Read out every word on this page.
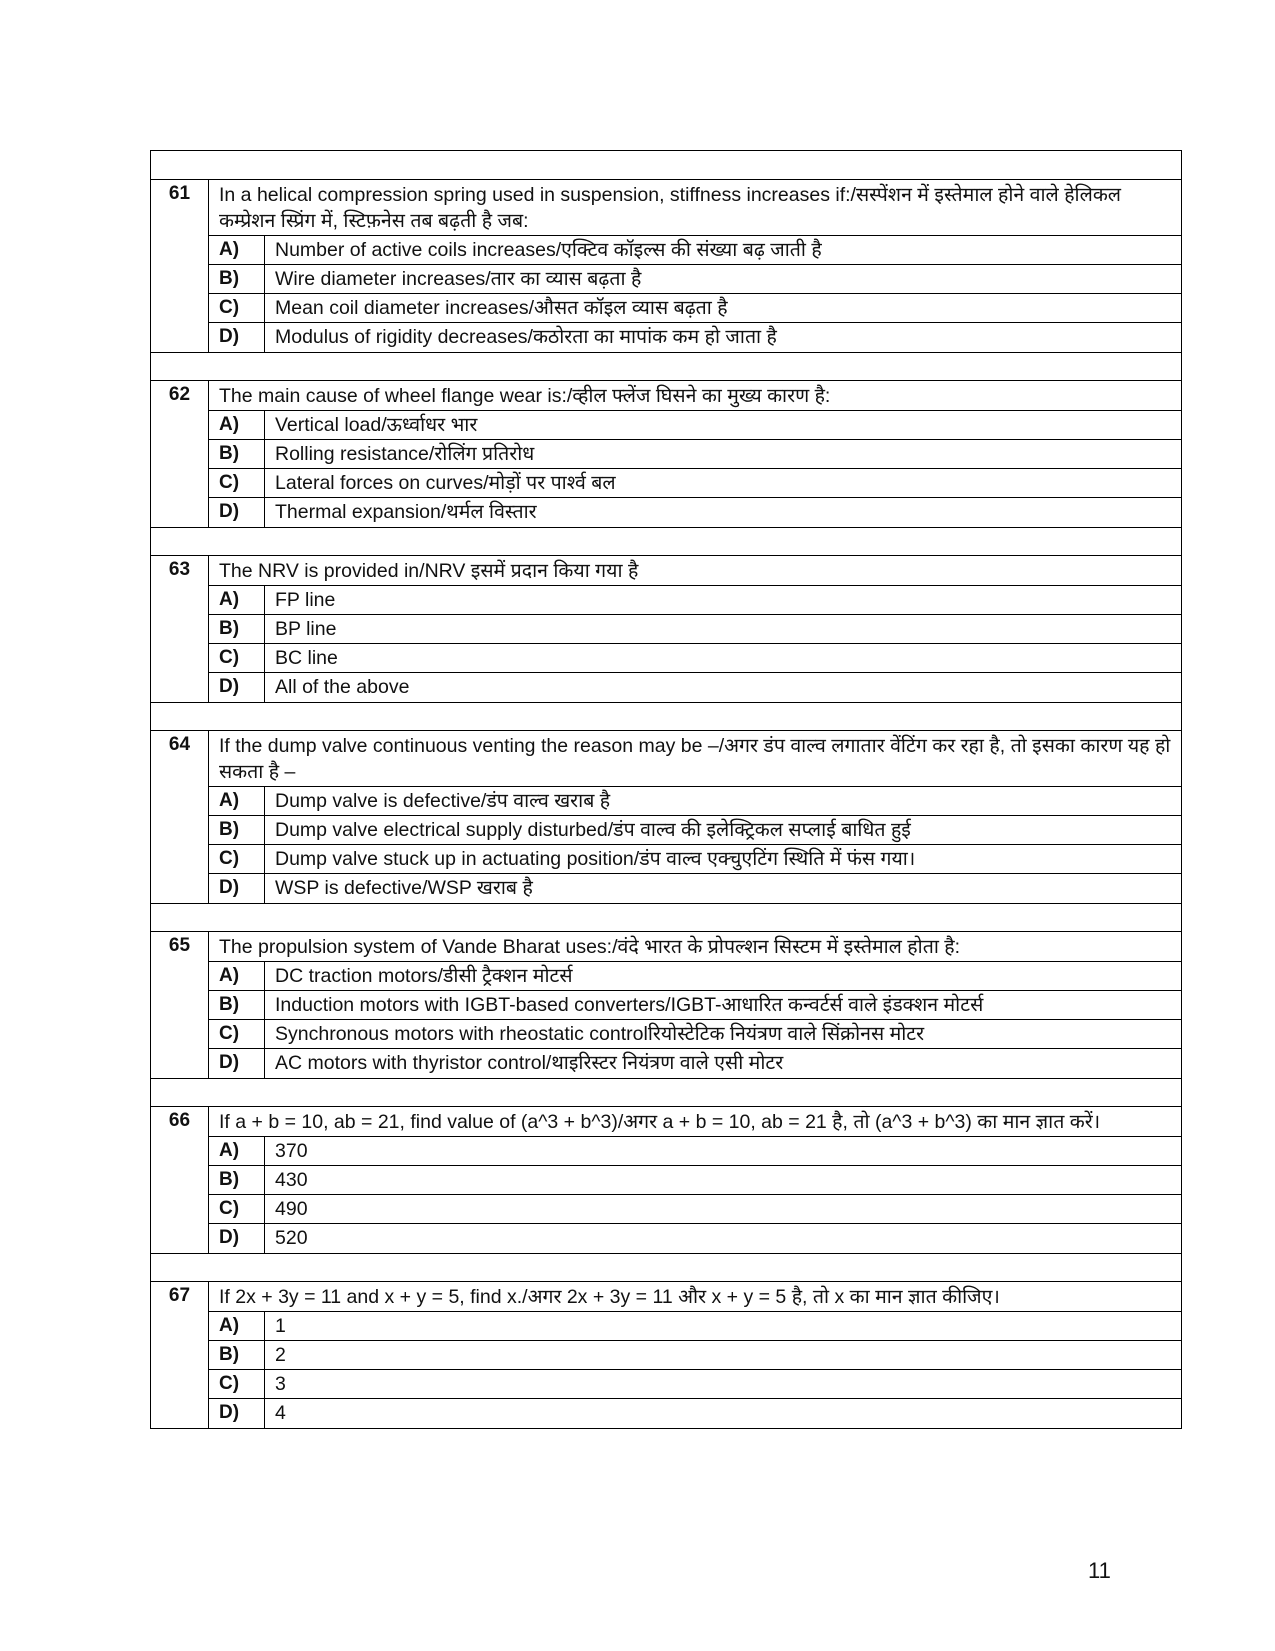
61	In a helical compression spring used in suspension, stiffness increases if:/सस्पेंशन में इस्तेमाल होने वाले हेलिकल कम्प्रेशन स्प्रिंग में, स्टिफ़नेस तब बढ़ती है जब:
A)	Number of active coils increases/एक्टिव कॉइल्स की संख्या बढ़ जाती है
B)	Wire diameter increases/तार का व्यास बढ़ता है
C)	Mean coil diameter increases/औसत कॉइल व्यास बढ़ता है
D)	Modulus of rigidity decreases/कठोरता का मापांक कम हो जाता है
62	The main cause of wheel flange wear is:/व्हील फ्लेंज घिसने का मुख्य कारण है:
A)	Vertical load/ऊर्ध्वाधर भार
B)	Rolling resistance/रोलिंग प्रतिरोध
C)	Lateral forces on curves/मोड़ों पर पार्श्व बल
D)	Thermal expansion/थर्मल विस्तार
63	The NRV is provided in/NRV इसमें प्रदान किया गया है
A)	FP line
B)	BP line
C)	BC line
D)	All of the above
64	If the dump valve continuous venting the reason may be –/अगर डंप वाल्व लगातार वेंटिंग कर रहा है, तो इसका कारण यह हो सकता है –
A)	Dump valve is defective/डंप वाल्व खराब है
B)	Dump valve electrical supply disturbed/डंप वाल्व की इलेक्ट्रिकल सप्लाई बाधित हुई
C)	Dump valve stuck up in actuating position/डंप वाल्व एक्चुएटिंग स्थिति में फंस गया।
D)	WSP is defective/WSP खराब है
65	The propulsion system of Vande Bharat uses:/वंदे भारत के प्रोपल्शन सिस्टम में इस्तेमाल होता है:
A)	DC traction motors/डीसी ट्रैक्शन मोटर्स
B)	Induction motors with IGBT-based converters/IGBT-आधारित कन्वर्टर्स वाले इंडक्शन मोटर्स
C)	Synchronous motors with rheostatic controlरियोस्टेटिक नियंत्रण वाले सिंक्रोनस मोटर
D)	AC motors with thyristor control/थाइरिस्टर नियंत्रण वाले एसी मोटर
66	If a + b = 10, ab = 21, find value of (a^3 + b^3)/अगर a + b = 10, ab = 21 है, तो (a^3 + b^3) का मान ज्ञात करें।
A)	370
B)	430
C)	490
D)	520
67	If 2x + 3y = 11 and x + y = 5, find x./अगर 2x + 3y = 11 और x + y = 5 है, तो x का मान ज्ञात कीजिए।
A)	1
B)	2
C)	3
D)	4
11
